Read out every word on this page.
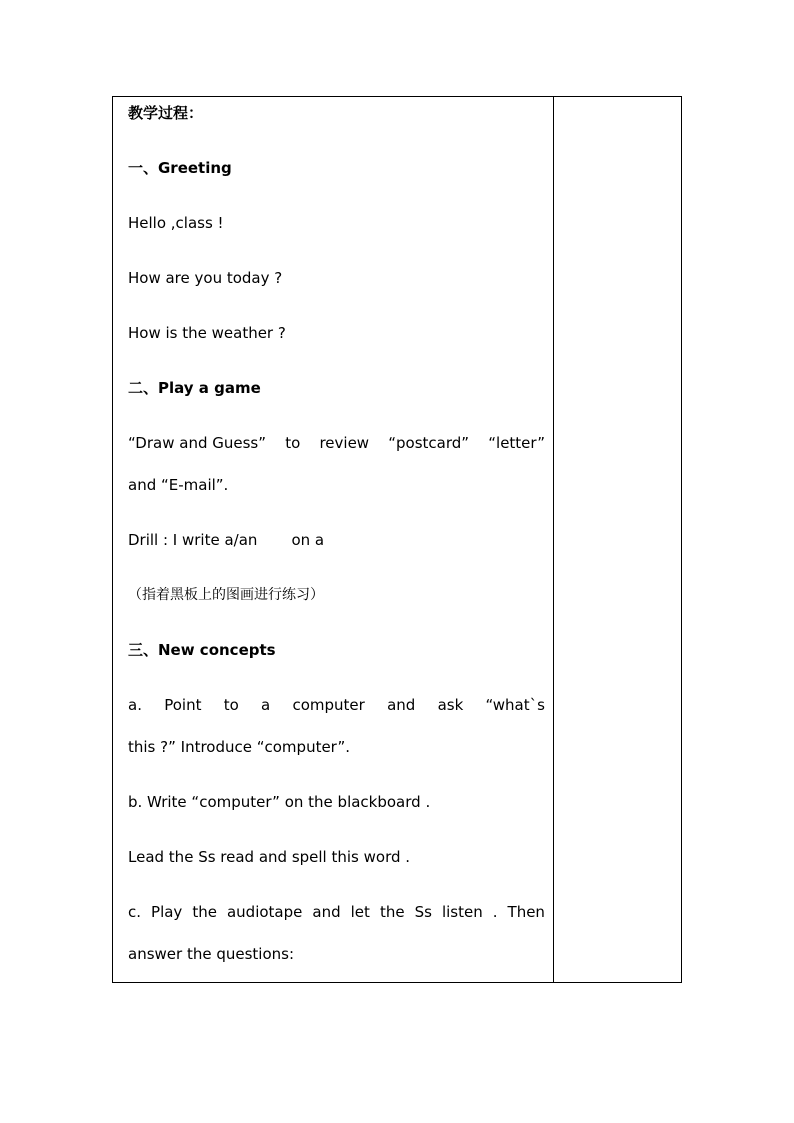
教学过程：

一、Greeting

Hello ,class !

How are you today ?

How is the weather ?

二、Play a game

“Draw and Guess” to review “postcard” “letter”

and “E-mail”.

Drill : I write a/an on a

（指着黑板上的图画进行练习）

三、New concepts

a. Point to a computer and ask “what`s

this ?” Introduce “computer”.

b. Write “computer” on the blackboard .

Lead the Ss read and spell this word .

c. Play the audiotape and let the Ss listen . Then

answer the questions:
